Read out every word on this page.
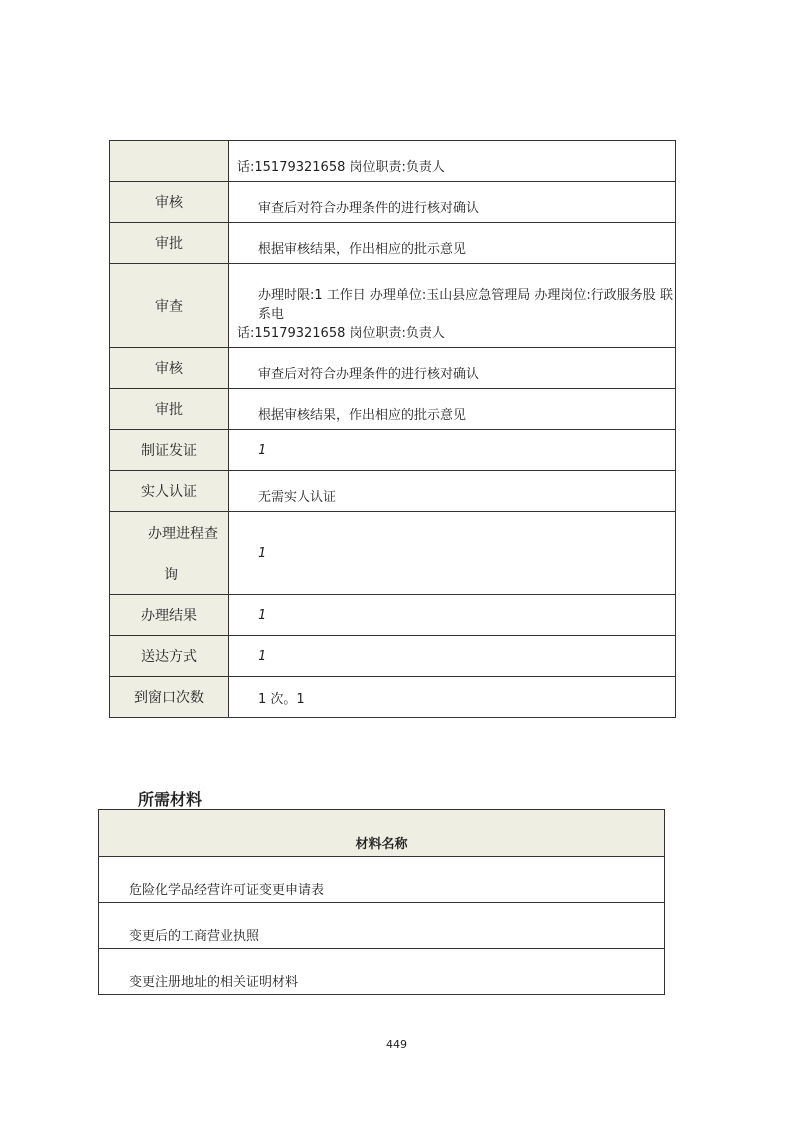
	话:15179321658 岗位职责:负责人
审核	审查后对符合办理条件的进行核对确认
审批	根据审核结果，作出相应的批示意见
审查	办理时限:1 工作日 办理单位:玉山县应急管理局 办理岗位:行政服务股 联系电
话:15179321658 岗位职责:负责人

审核	审查后对符合办理条件的进行核对确认
审批	根据审核结果，作出相应的批示意见
制证发证	1
实人认证	无需实人认证

办理进程查
询	1
办理结果	1
送达方式	1
到窗口次数	1 次。1
所需材料
材料名称
危险化学品经营许可证变更申请表
变更后的工商营业执照
变更注册地址的相关证明材料
449
